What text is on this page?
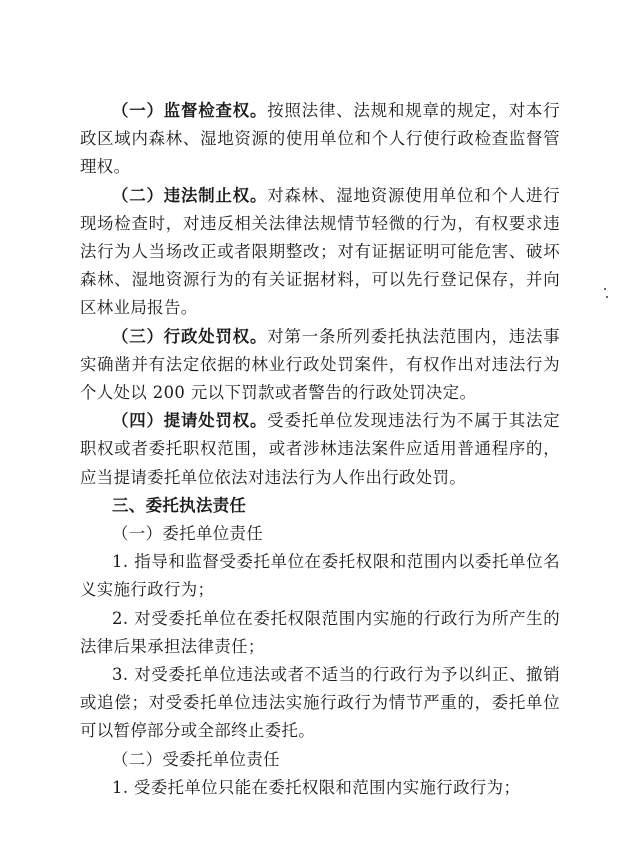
（一）监督检查权。按照法律、法规和规章的规定，对本行政区域内森林、湿地资源的使用单位和个人行使行政检查监督管理权。

（二）违法制止权。对森林、湿地资源使用单位和个人进行现场检查时，对违反相关法律法规情节轻微的行为，有权要求违法行为人当场改正或者限期整改；对有证据证明可能危害、破坏森林、湿地资源行为的有关证据材料，可以先行登记保存，并向区林业局报告。

（三）行政处罚权。对第一条所列委托执法范围内，违法事实确凿并有法定依据的林业行政处罚案件，有权作出对违法行为个人处以 200 元以下罚款或者警告的行政处罚决定。

（四）提请处罚权。受委托单位发现违法行为不属于其法定职权或者委托职权范围，或者涉林违法案件应适用普通程序的，应当提请委托单位依法对违法行为人作出行政处罚。

三、委托执法责任

（一）委托单位责任

1. 指导和监督受委托单位在委托权限和范围内以委托单位名义实施行政行为；

2. 对受委托单位在委托权限范围内实施的行政行为所产生的法律后果承担法律责任；

3. 对受委托单位违法或者不适当的行政行为予以纠正、撤销或追偿；对受委托单位违法实施行政行为情节严重的，委托单位可以暂停部分或全部终止委托。

（二）受委托单位责任

1. 受委托单位只能在委托权限和范围内实施行政行为；
